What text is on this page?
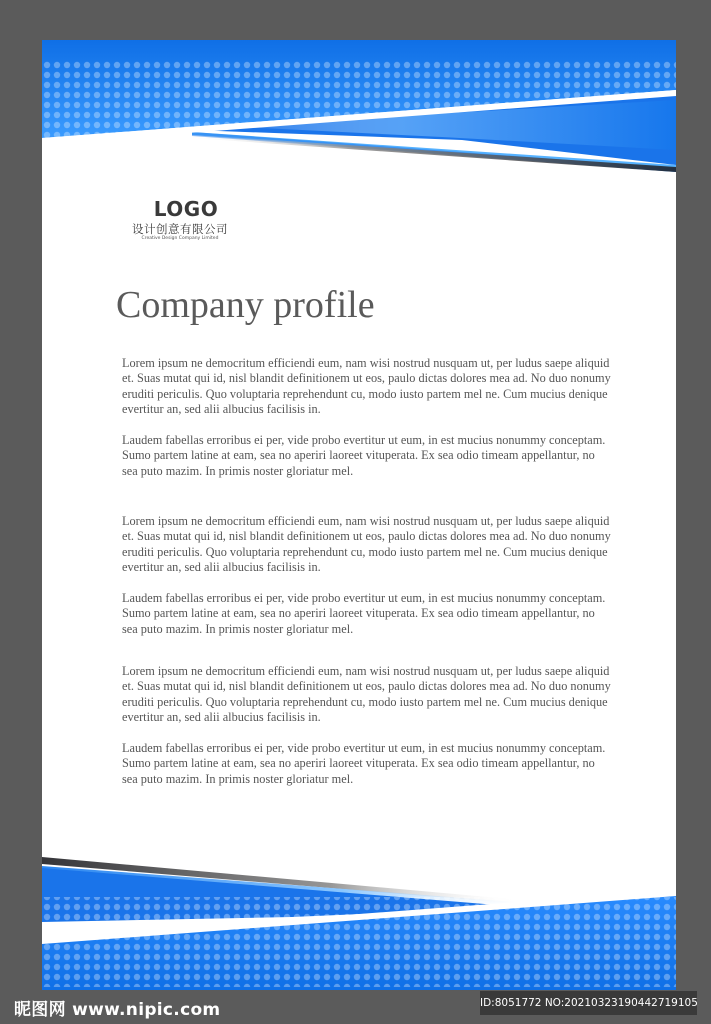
LOGO
设计创意有限公司
Creative Design Company Limited
Company profile

Lorem ipsum ne democritum efficiendi eum, nam wisi nostrud nusquam ut, per ludus saepe aliquid et. Suas mutat qui id, nisl blandit definitionem ut eos, paulo dictas dolores mea ad. No duo nonumy eruditi periculis. Quo voluptaria reprehendunt cu, modo iusto partem mel ne. Cum mucius denique evertitur an, sed alii albucius facilisis in.

Laudem fabellas erroribus ei per, vide probo evertitur ut eum, in est mucius nonummy conceptam. Sumo partem latine at eam, sea no aperiri laoreet vituperata. Ex sea odio timeam appellantur, no sea puto mazim. In primis noster gloriatur mel.

Lorem ipsum ne democritum efficiendi eum, nam wisi nostrud nusquam ut, per ludus saepe aliquid et. Suas mutat qui id, nisl blandit definitionem ut eos, paulo dictas dolores mea ad. No duo nonumy eruditi periculis. Quo voluptaria reprehendunt cu, modo iusto partem mel ne. Cum mucius denique evertitur an, sed alii albucius facilisis in.

Laudem fabellas erroribus ei per, vide probo evertitur ut eum, in est mucius nonummy conceptam. Sumo partem latine at eam, sea no aperiri laoreet vituperata. Ex sea odio timeam appellantur, no sea puto mazim. In primis noster gloriatur mel.

Lorem ipsum ne democritum efficiendi eum, nam wisi nostrud nusquam ut, per ludus saepe aliquid et. Suas mutat qui id, nisl blandit definitionem ut eos, paulo dictas dolores mea ad. No duo nonumy eruditi periculis. Quo voluptaria reprehendunt cu, modo iusto partem mel ne. Cum mucius denique evertitur an, sed alii albucius facilisis in.

Laudem fabellas erroribus ei per, vide probo evertitur ut eum, in est mucius nonummy conceptam. Sumo partem latine at eam, sea no aperiri laoreet vituperata. Ex sea odio timeam appellantur, no sea puto mazim. In primis noster gloriatur mel.

昵图网 www.nipic.com	ID:8051772 NO:20210323190442719105
